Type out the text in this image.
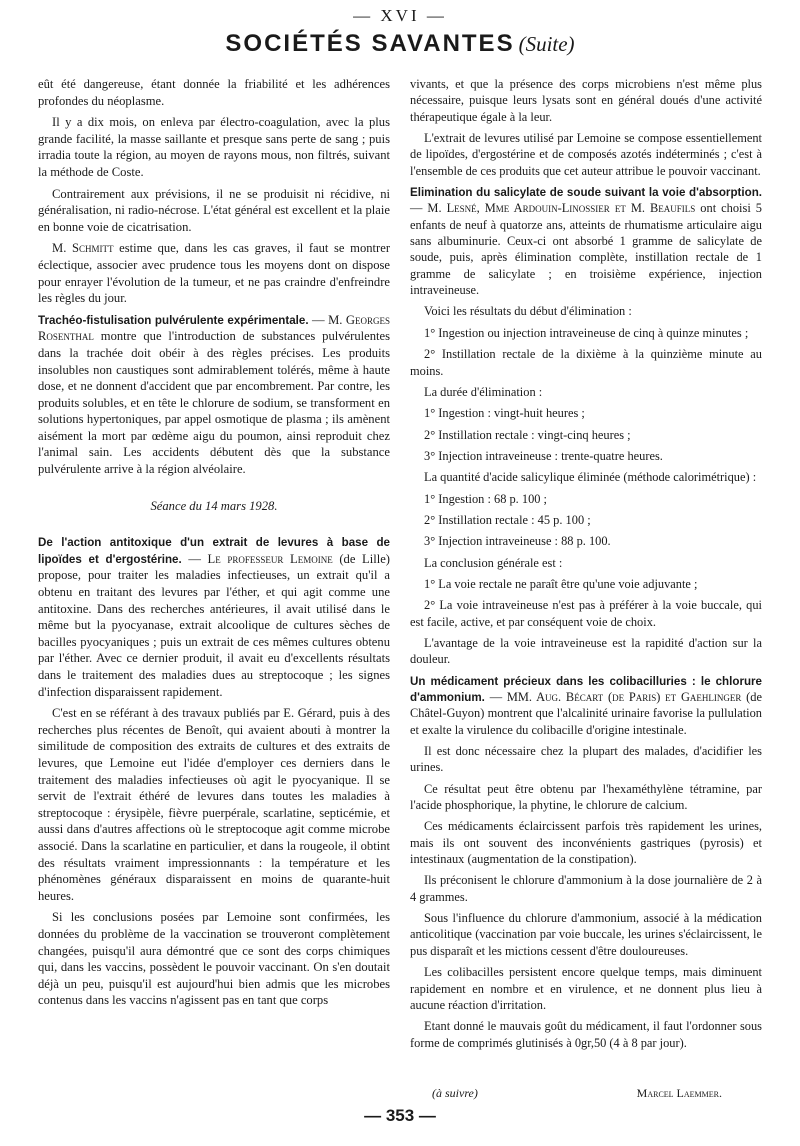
— XVI —
SOCIÉTÉS SAVANTES (Suite)

eût été dangereuse, étant donnée la friabilité et les adhérences profondes du néoplasme.

Il y a dix mois, on enleva par électro-coagulation, avec la plus grande facilité, la masse saillante et presque sans perte de sang ; puis irradia toute la région, au moyen de rayons mous, non filtrés, suivant la méthode de Coste.

Contrairement aux prévisions, il ne se produisit ni récidive, ni généralisation, ni radio-nécrose. L'état général est excellent et la plaie en bonne voie de cicatrisation.

M. Schmitt estime que, dans les cas graves, il faut se montrer éclectique, associer avec prudence tous les moyens dont on dispose pour enrayer l'évolution de la tumeur, et ne pas craindre d'enfreindre les règles du jour.

Trachéo-fistulisation pulvérulente expérimentale. — M. Georges Rosenthal montre que l'introduction de substances pulvérulentes dans la trachée doit obéir à des règles précises. Les produits insolubles non caustiques sont admirablement tolérés, même à haute dose, et ne donnent d'accident que par encombrement. Par contre, les produits solubles, et en tête le chlorure de sodium, se transforment en solutions hypertoniques, par appel osmotique de plasma ; ils amènent aisément la mort par œdème aigu du poumon, ainsi reproduit chez l'animal sain. Les accidents débutent dès que la substance pulvérulente arrive à la région alvéolaire.

Séance du 14 mars 1928.

De l'action antitoxique d'un extrait de levures à base de lipoïdes et d'ergostérine. — Le professeur Lemoine (de Lille) propose, pour traiter les maladies infectieuses, un extrait qu'il a obtenu en traitant des levures par l'éther, et qui agit comme une antitoxine. Dans des recherches antérieures, il avait utilisé dans le même but la pyocyanase, extrait alcoolique de cultures sèches de bacilles pyocyaniques ; puis un extrait de ces mêmes cultures obtenu par l'éther. Avec ce dernier produit, il avait eu d'excellents résultats dans le traitement des maladies dues au streptocoque ; les signes d'infection disparaissent rapidement.

C'est en se référant à des travaux publiés par E. Gérard, puis à des recherches plus récentes de Benoît, qui avaient abouti à montrer la similitude de composition des extraits de cultures et des extraits de levures, que Lemoine eut l'idée d'employer ces derniers dans le traitement des maladies infectieuses où agit le pyocyanique. Il se servit de l'extrait éthéré de levures dans toutes les maladies à streptocoque : érysipèle, fièvre puerpérale, scarlatine, septicémie, et aussi dans d'autres affections où le streptocoque agit comme microbe associé. Dans la scarlatine en particulier, et dans la rougeole, il obtint des résultats vraiment impressionnants : la température et les phénomènes généraux disparaissent en moins de quarante-huit heures.

Si les conclusions posées par Lemoine sont confirmées, les données du problème de la vaccination se trouveront complètement changées, puisqu'il aura démontré que ce sont des corps chimiques qui, dans les vaccins, possèdent le pouvoir vaccinant. On s'en doutait déjà un peu, puisqu'il est aujourd'hui bien admis que les microbes contenus dans les vaccins n'agissent pas en tant que corps

vivants, et que la présence des corps microbiens n'est même plus nécessaire, puisque leurs lysats sont en général doués d'une activité thérapeutique égale à la leur.

L'extrait de levures utilisé par Lemoine se compose essentiellement de lipoïdes, d'ergostérine et de composés azotés indéterminés ; c'est à l'ensemble de ces produits que cet auteur attribue le pouvoir vaccinant.

Elimination du salicylate de soude suivant la voie d'absorption. — M. Lesné, Mme Ardouin-Linossier et M. Beaufils ont choisi 5 enfants de neuf à quatorze ans, atteints de rhumatisme articulaire aigu sans albuminurie. Ceux-ci ont absorbé 1 gramme de salicylate de soude, puis, après élimination complète, instillation rectale de 1 gramme de salicylate ; en troisième expérience, injection intraveineuse.

Voici les résultats du début d'élimination :

1° Ingestion ou injection intraveineuse de cinq à quinze minutes ;

2° Instillation rectale de la dixième à la quinzième minute au moins.

La durée d'élimination :

1° Ingestion : vingt-huit heures ;

2° Instillation rectale : vingt-cinq heures ;

3° Injection intraveineuse : trente-quatre heures.

La quantité d'acide salicylique éliminée (méthode calorimétrique) :

1° Ingestion : 68 p. 100 ;

2° Instillation rectale : 45 p. 100 ;

3° Injection intraveineuse : 88 p. 100.

La conclusion générale est :

1° La voie rectale ne paraît être qu'une voie adjuvante ;

2° La voie intraveineuse n'est pas à préférer à la voie buccale, qui est facile, active, et par conséquent voie de choix.

L'avantage de la voie intraveineuse est la rapidité d'action sur la douleur.

Un médicament précieux dans les colibacilluries : le chlorure d'ammonium. — MM. Aug. Bécart (de Paris) et Gaehlinger (de Châtel-Guyon) montrent que l'alcalinité urinaire favorise la pullulation et exalte la virulence du colibacille d'origine intestinale.

Il est donc nécessaire chez la plupart des malades, d'acidifier les urines.

Ce résultat peut être obtenu par l'hexaméthylène tétramine, par l'acide phosphorique, la phytine, le chlorure de calcium.

Ces médicaments éclaircissent parfois très rapidement les urines, mais ils ont souvent des inconvénients gastriques (pyrosis) et intestinaux (augmentation de la constipation).

Ils préconisent le chlorure d'ammonium à la dose journalière de 2 à 4 grammes.

Sous l'influence du chlorure d'ammonium, associé à la médication anticolitique (vaccination par voie buccale, les urines s'éclaircissent, le pus disparaît et les mictions cessent d'être douloureuses.

Les colibacilles persistent encore quelque temps, mais diminuent rapidement en nombre et en virulence, et ne donnent plus lieu à aucune réaction d'irritation.

Etant donné le mauvais goût du médicament, il faut l'ordonner sous forme de comprimés glutinisés à 0gr,50 (4 à 8 par jour).

(à suivre)	Marcel Laemmer.
— 353 —
